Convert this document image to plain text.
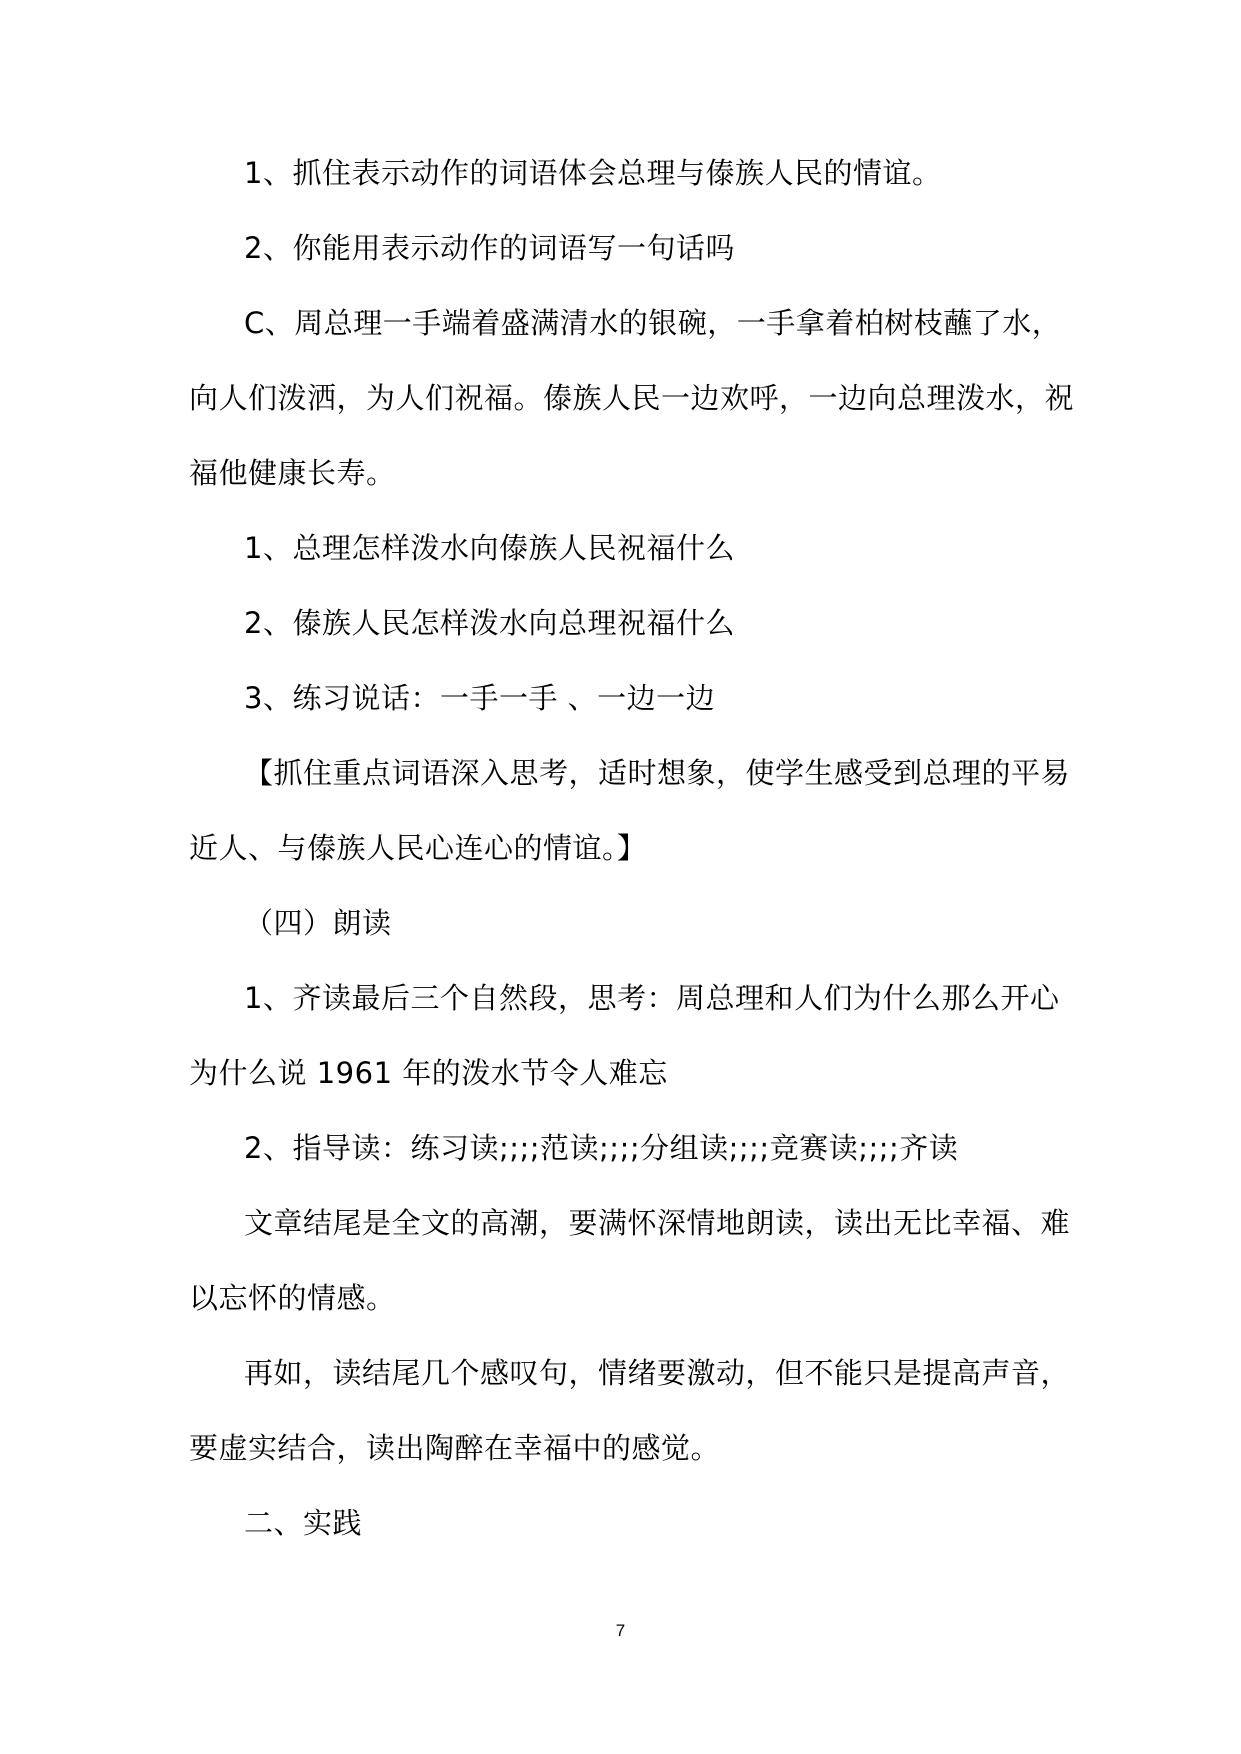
1、抓住表示动作的词语体会总理与傣族人民的情谊。
2、你能用表示动作的词语写一句话吗
C、周总理一手端着盛满清水的银碗，一手拿着柏树枝蘸了水，
向人们泼洒，为人们祝福。傣族人民一边欢呼，一边向总理泼水，祝
福他健康长寿。
1、总理怎样泼水向傣族人民祝福什么
2、傣族人民怎样泼水向总理祝福什么
3、练习说话：一手一手 、一边一边
【抓住重点词语深入思考，适时想象，使学生感受到总理的平易
近人、与傣族人民心连心的情谊。】
（四）朗读
1、齐读最后三个自然段，思考：周总理和人们为什么那么开心
为什么说 1961 年的泼水节令人难忘
2、指导读：练习读;;;;范读;;;;分组读;;;;竞赛读;;;;齐读
文章结尾是全文的高潮，要满怀深情地朗读，读出无比幸福、难
以忘怀的情感。
再如，读结尾几个感叹句，情绪要激动，但不能只是提高声音，
要虚实结合，读出陶醉在幸福中的感觉。
二、实践
7
